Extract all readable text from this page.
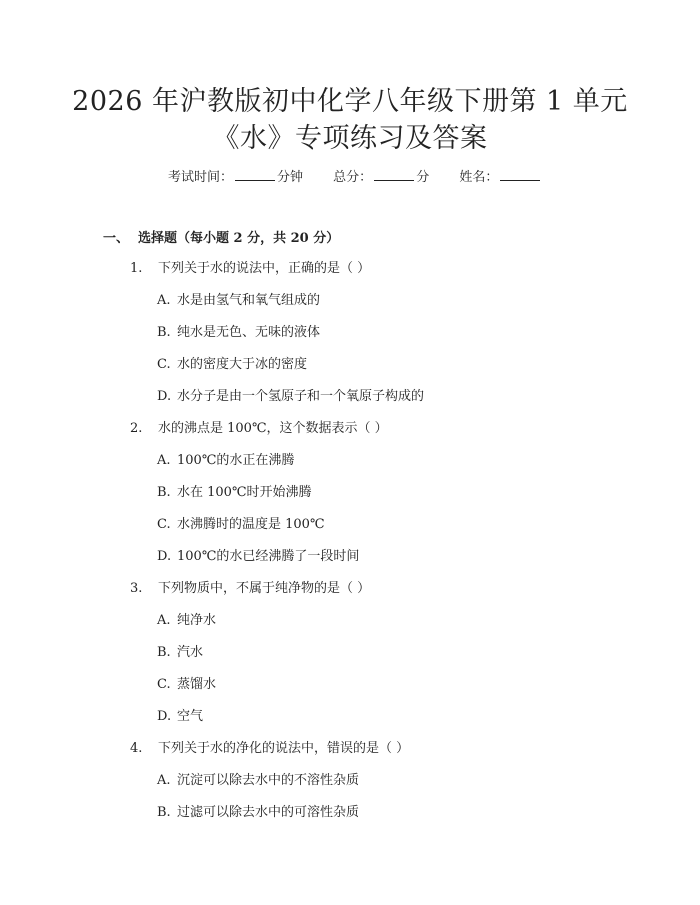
2026 年沪教版初中化学八年级下册第 1 单元
《水》专项练习及答案
考试时间：	分钟 总分：	分 姓名：
一、 选择题（每小题 2 分，共 20 分）
1. 下列关于水的说法中，正确的是（ ）
A. 水是由氢气和氧气组成的
B. 纯水是无色、无味的液体
C. 水的密度大于冰的密度
D. 水分子是由一个氢原子和一个氧原子构成的
2. 水的沸点是 100℃，这个数据表示（ ）
A. 100℃的水正在沸腾
B. 水在 100℃时开始沸腾
C. 水沸腾时的温度是 100℃
D. 100℃的水已经沸腾了一段时间
3. 下列物质中，不属于纯净物的是（ ）
A. 纯净水
B. 汽水
C. 蒸馏水
D. 空气
4. 下列关于水的净化的说法中，错误的是（ ）
A. 沉淀可以除去水中的不溶性杂质
B. 过滤可以除去水中的可溶性杂质
